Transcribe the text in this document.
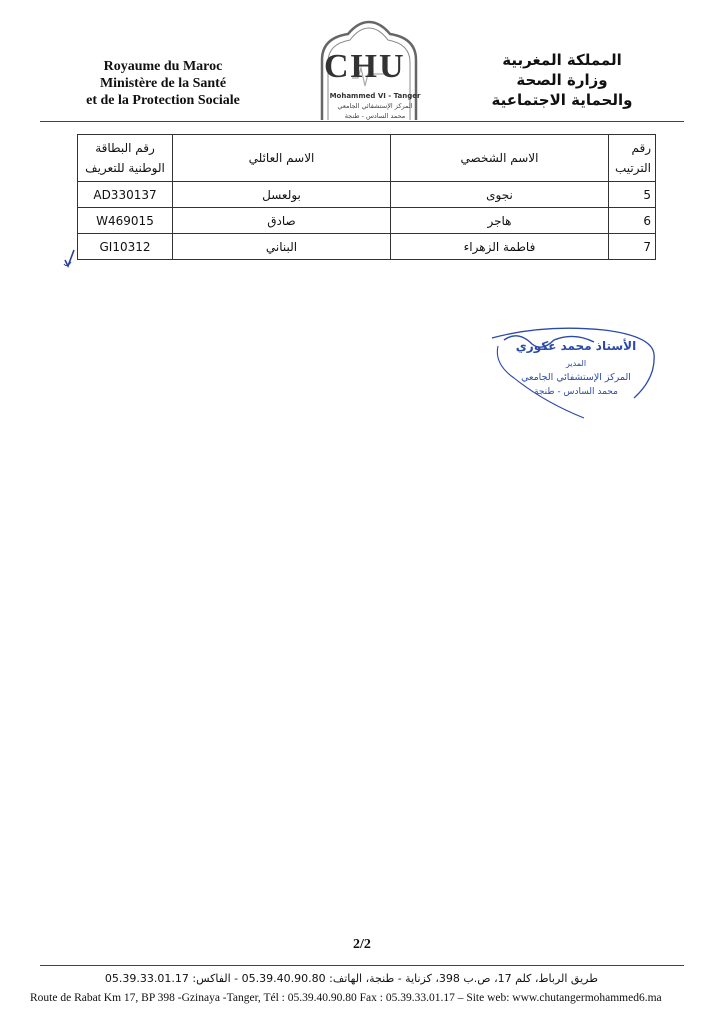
Royaume du Maroc
Ministère de la Santé
et de la Protection Sociale
CHU
Mohammed VI - Tanger
المركز الإستشفائي الجامعي
محمد السادس - طنجة
المملكة المغربية
وزارة الصحة
والحماية الاجتماعية
رقم الترتيب	الاسم الشخصي	الاسم العائلي	رقم البطاقة الوطنية للتعريف
5	نجوى	بولعسل	AD330137
6	هاجر	صادق	W469015
7	فاطمة الزهراء	البناني	GI10312
الأستاذ محمد عكوري
المدير
المركز الإستشفائي الجامعي
محمد السادس - طنجة
2/2
طريق الرباط، كلم 17، ص.ب 398، كزناية - طنجة، الهاتف: 05.39.40.90.80 - الفاكس: 05.39.33.01.17
Route de Rabat Km 17, BP 398 -Gzinaya -Tanger, Tél : 05.39.40.90.80 Fax : 05.39.33.01.17 – Site web: www.chutangermohammed6.ma
